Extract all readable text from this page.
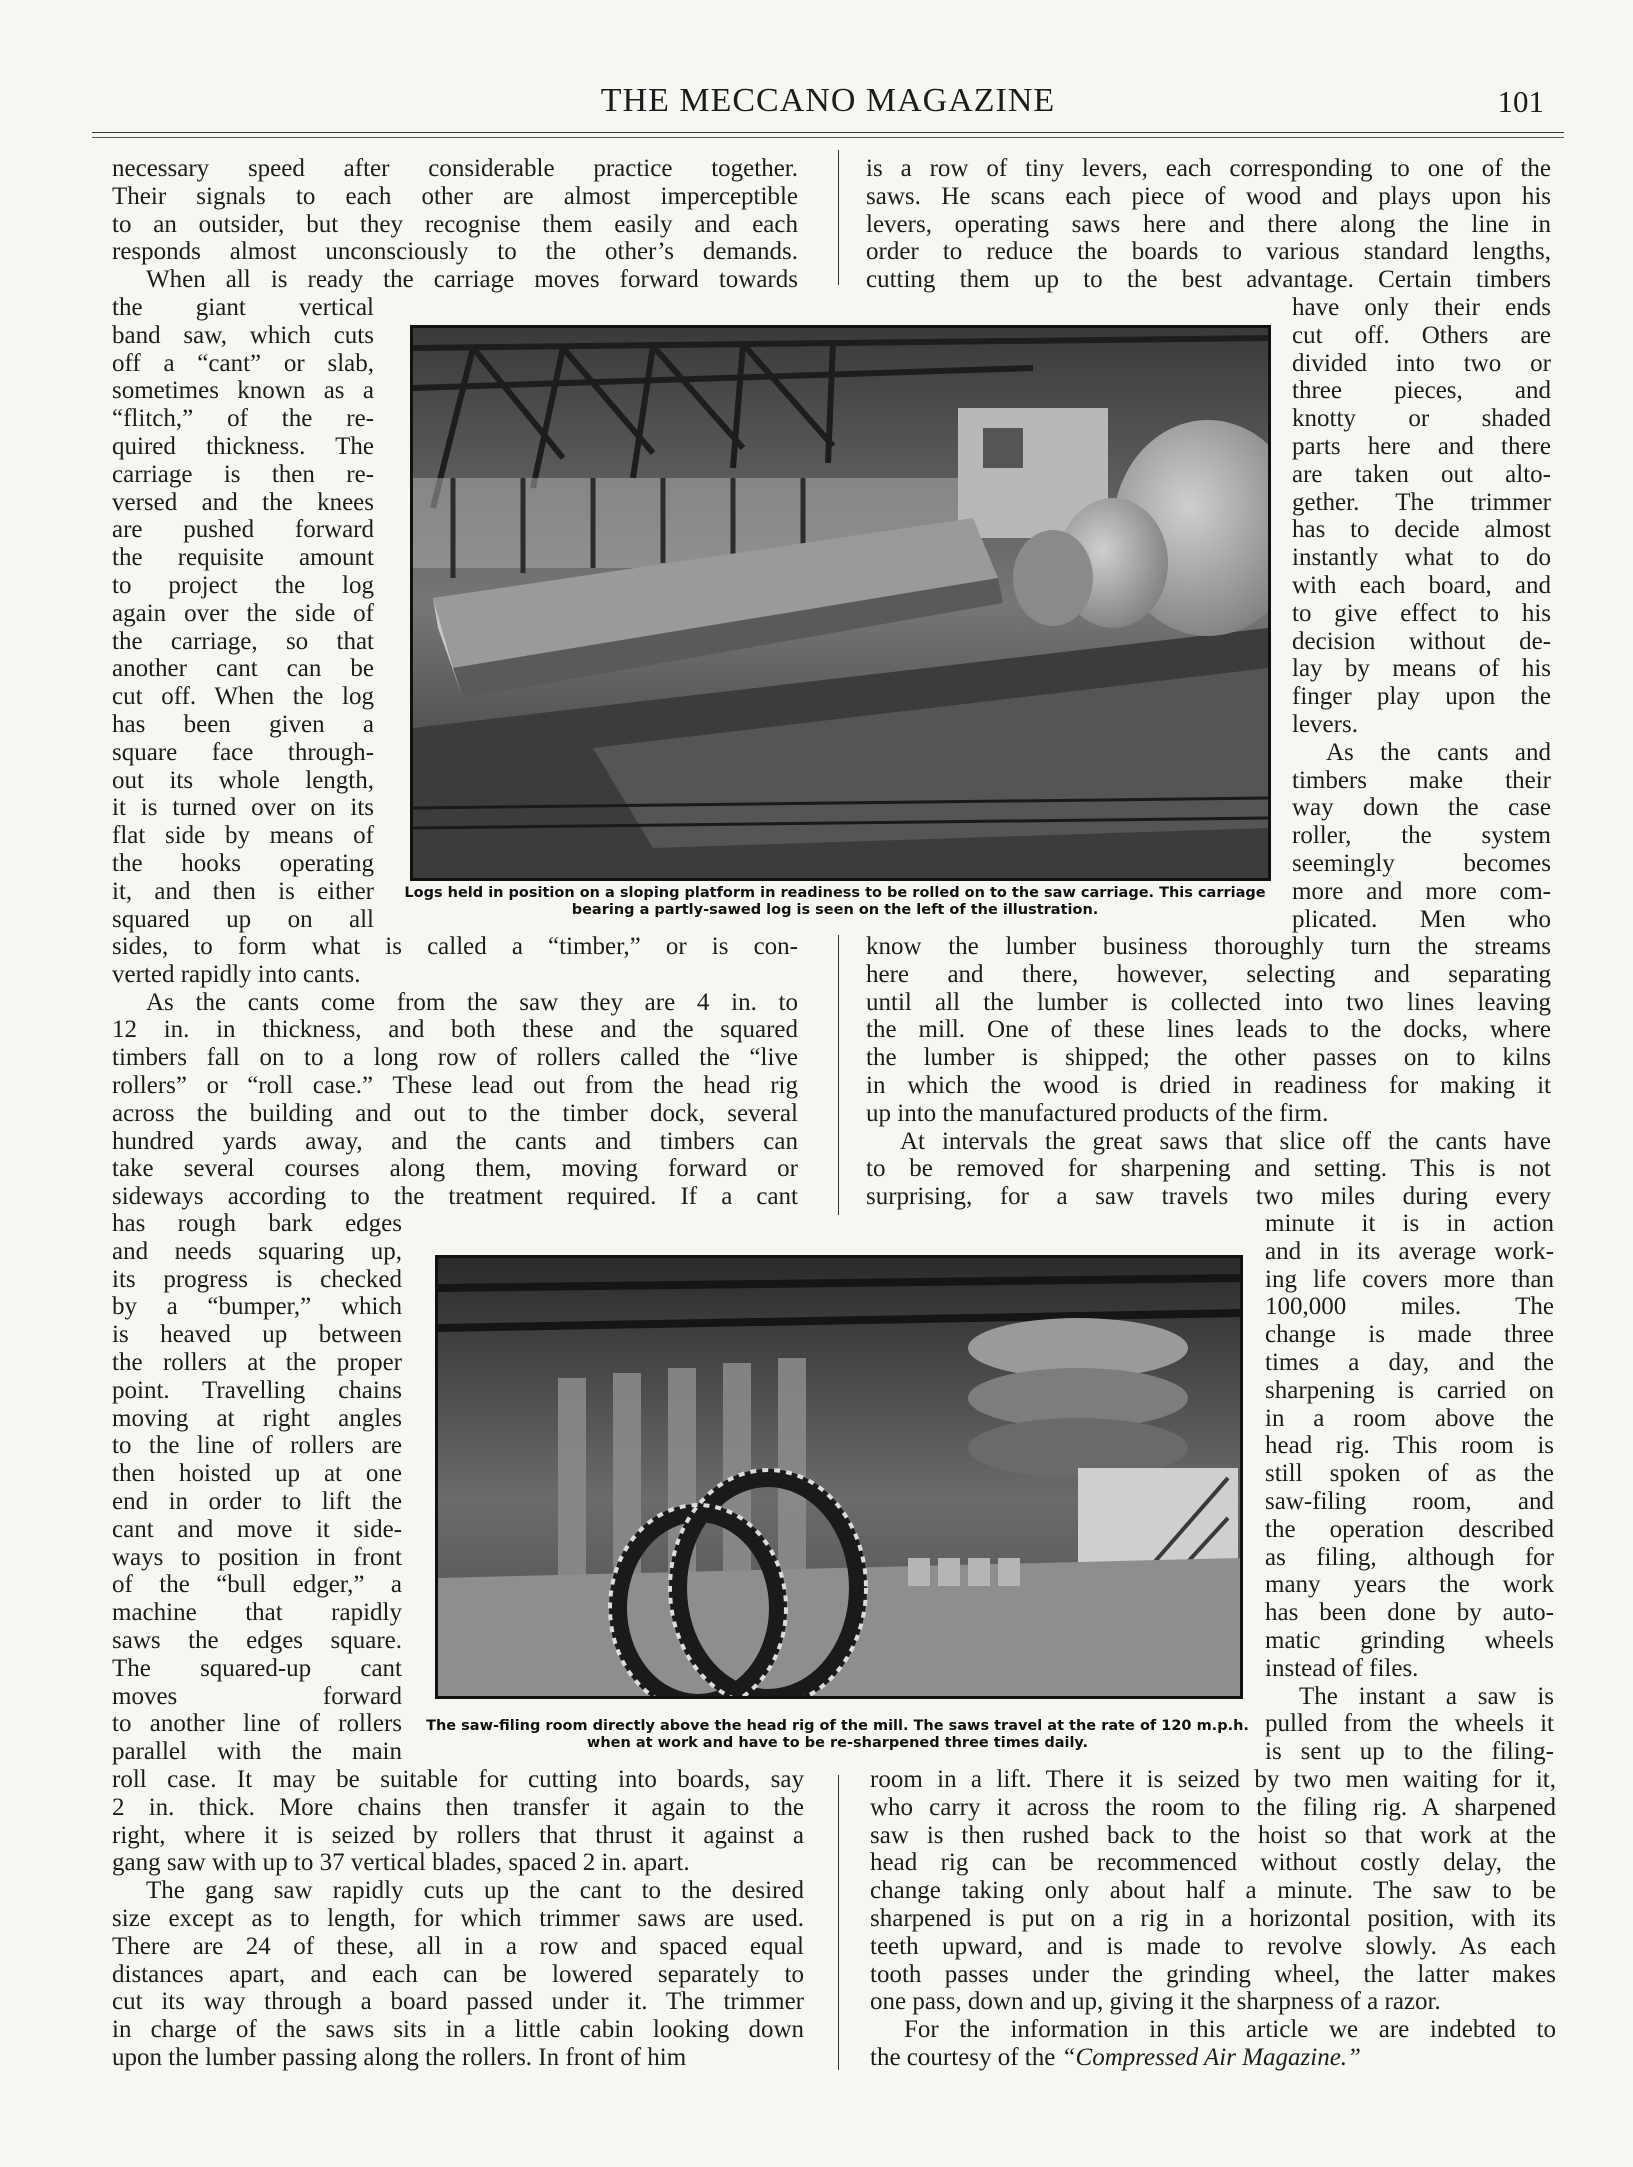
THE MECCANO MAGAZINE	101
necessary speed after considerable practice together.
Their signals to each other are almost imperceptible
to an outsider, but they recognise them easily and each
responds almost unconsciously to the other’s demands.
When all is ready the carriage moves forward towards
the giant vertical
band saw, which cuts
off a “cant” or slab,
sometimes known as a
“flitch,” of the re-
quired thickness. The
carriage is then re-
versed and the knees
are pushed forward
the requisite amount
to project the log
again over the side of
the carriage, so that
another cant can be
cut off. When the log
has been given a
square face through-
out its whole length,
it is turned over on its
flat side by means of
the hooks operating
it, and then is either
squared up on all
sides, to form what is called a “timber,” or is con-
verted rapidly into cants.
As the cants come from the saw they are 4 in. to
12 in. in thickness, and both these and the squared
timbers fall on to a long row of rollers called the “live
rollers” or “roll case.” These lead out from the head rig
across the building and out to the timber dock, several
hundred yards away, and the cants and timbers can
take several courses along them, moving forward or
sideways according to the treatment required. If a cant
has rough bark edges
and needs squaring up,
its progress is checked
by a “bumper,” which
is heaved up between
the rollers at the proper
point. Travelling chains
moving at right angles
to the line of rollers are
then hoisted up at one
end in order to lift the
cant and move it side-
ways to position in front
of the “bull edger,” a
machine that rapidly
saws the edges square.
The squared-up cant
moves forward
to another line of rollers
parallel with the main
roll case. It may be suitable for cutting into boards, say
2 in. thick. More chains then transfer it again to the
right, where it is seized by rollers that thrust it against a
gang saw with up to 37 vertical blades, spaced 2 in. apart.
The gang saw rapidly cuts up the cant to the desired
size except as to length, for which trimmer saws are used.
There are 24 of these, all in a row and spaced equal
distances apart, and each can be lowered separately to
cut its way through a board passed under it. The trimmer
in charge of the saws sits in a little cabin looking down
upon the lumber passing along the rollers. In front of him
is a row of tiny levers, each corresponding to one of the
saws. He scans each piece of wood and plays upon his
levers, operating saws here and there along the line in
order to reduce the boards to various standard lengths,
cutting them up to the best advantage. Certain timbers
have only their ends
cut off. Others are
divided into two or
three pieces, and
knotty or shaded
parts here and there
are taken out alto-
gether. The trimmer
has to decide almost
instantly what to do
with each board, and
to give effect to his
decision without de-
lay by means of his
finger play upon the
levers.
As the cants and
timbers make their
way down the case
roller, the system
seemingly becomes
more and more com-
plicated. Men who
know the lumber business thoroughly turn the streams
here and there, however, selecting and separating
until all the lumber is collected into two lines leaving
the mill. One of these lines leads to the docks, where
the lumber is shipped; the other passes on to kilns
in which the wood is dried in readiness for making it
up into the manufactured products of the firm.
At intervals the great saws that slice off the cants have
to be removed for sharpening and setting. This is not
surprising, for a saw travels two miles during every
minute it is in action
and in its average work-
ing life covers more than
100,000 miles. The
change is made three
times a day, and the
sharpening is carried on
in a room above the
head rig. This room is
still spoken of as the
saw-filing room, and
the operation described
as filing, although for
many years the work
has been done by auto-
matic grinding wheels
instead of files.
The instant a saw is
pulled from the wheels it
is sent up to the filing-
room in a lift. There it is seized by two men waiting for it,
who carry it across the room to the filing rig. A sharpened
saw is then rushed back to the hoist so that work at the
head rig can be recommenced without costly delay, the
change taking only about half a minute. The saw to be
sharpened is put on a rig in a horizontal position, with its
teeth upward, and is made to revolve slowly. As each
tooth passes under the grinding wheel, the latter makes
one pass, down and up, giving it the sharpness of a razor.
For the information in this article we are indebted to
the courtesy of the “Compressed Air Magazine.”
Logs held in position on a sloping platform in readiness to be rolled on to the saw carriage. This carriage bearing a partly-sawed log is seen on the left of the illustration.
The saw-filing room directly above the head rig of the mill. The saws travel at the rate of 120 m.p.h. when at work and have to be re-sharpened three times daily.
